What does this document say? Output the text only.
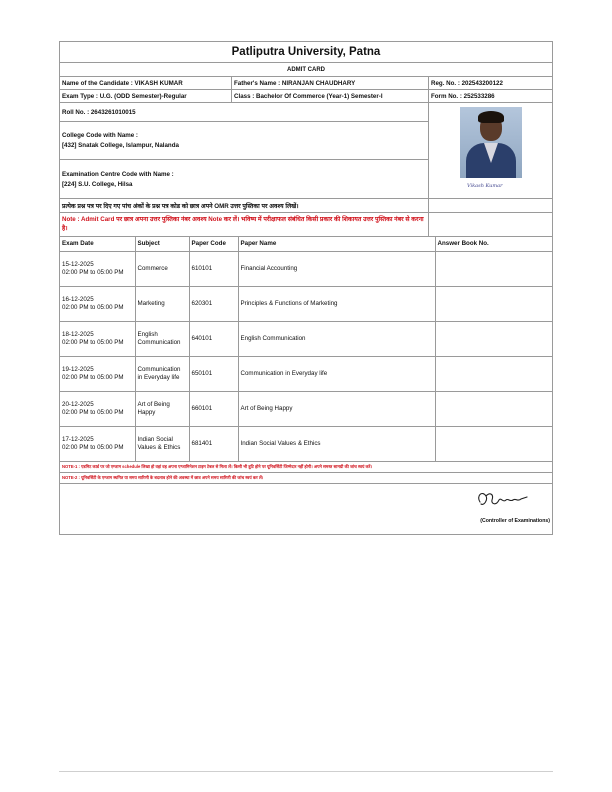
Patliputra University, Patna
ADMIT CARD
Name of the Candidate : VIKASH KUMAR	Father's Name : NIRANJAN CHAUDHARY	Reg. No. : 202543200122
Exam Type : U.G. (ODD Semester)-Regular	Class : Bachelor Of Commerce (Year-1) Semester-I	Form No. : 252533286
Roll No. : 2643261010015
College Code with Name :
[432] Snatak College, Islampur, Nalanda
Examination Centre Code with Name :
[224] S.U. College, Hilsa	Vikash Kumar
प्रत्येक प्रश्न पत्र पर दिए गए पांच अंकों के प्रश्न पत्र कोड को छात्र अपने OMR उत्तर पुस्तिका पर अवश्य लिखें।
Note : Admit Card पर छात्र अपना उत्तर पुस्तिका नंबर अवश्य Note कर लें। भविष्य में परीक्षाफल संबंधित किसी प्रकार की शिकायत उत्तर पुस्तिका नंबर से करना है।
Exam Date	Subject	Paper Code	Paper Name	Answer Book No.
15-12-2025
02:00 PM to 05:00 PM	Commerce	610101	Financial Accounting	
16-12-2025
02:00 PM to 05:00 PM	Marketing	620301	Principles & Functions of Marketing	
18-12-2025
02:00 PM to 05:00 PM	English Communication	640101	English Communication	
19-12-2025
02:00 PM to 05:00 PM	Communication in Everyday life	650101	Communication in Everyday life	
20-12-2025
02:00 PM to 05:00 PM	Art of Being Happy	660101	Art of Being Happy	
17-12-2025
02:00 PM to 05:00 PM	Indian Social Values & Ethics	681401	Indian Social Values & Ethics	
NOTE-1 : एडमिट कार्ड पर जो एग्जाम schedule लिखा हो वहां वह अपना एग्जामिनेशन टाइम टेबल से मिला लें। किसी भी त्रुटि होने पर यूनिवर्सिटी जिम्मेदार नहीं होगी। अपने समस्त सामग्री की जांच स्वयं करें।
NOTE-2 : यूनिवर्सिटी के एग्जाम स्थगित या समय सारिणी के बदलाव होने की अवस्था में छात्र अपने समय सारिणी की जांच स्वयं कर लें।
(Controller of Examinations)
